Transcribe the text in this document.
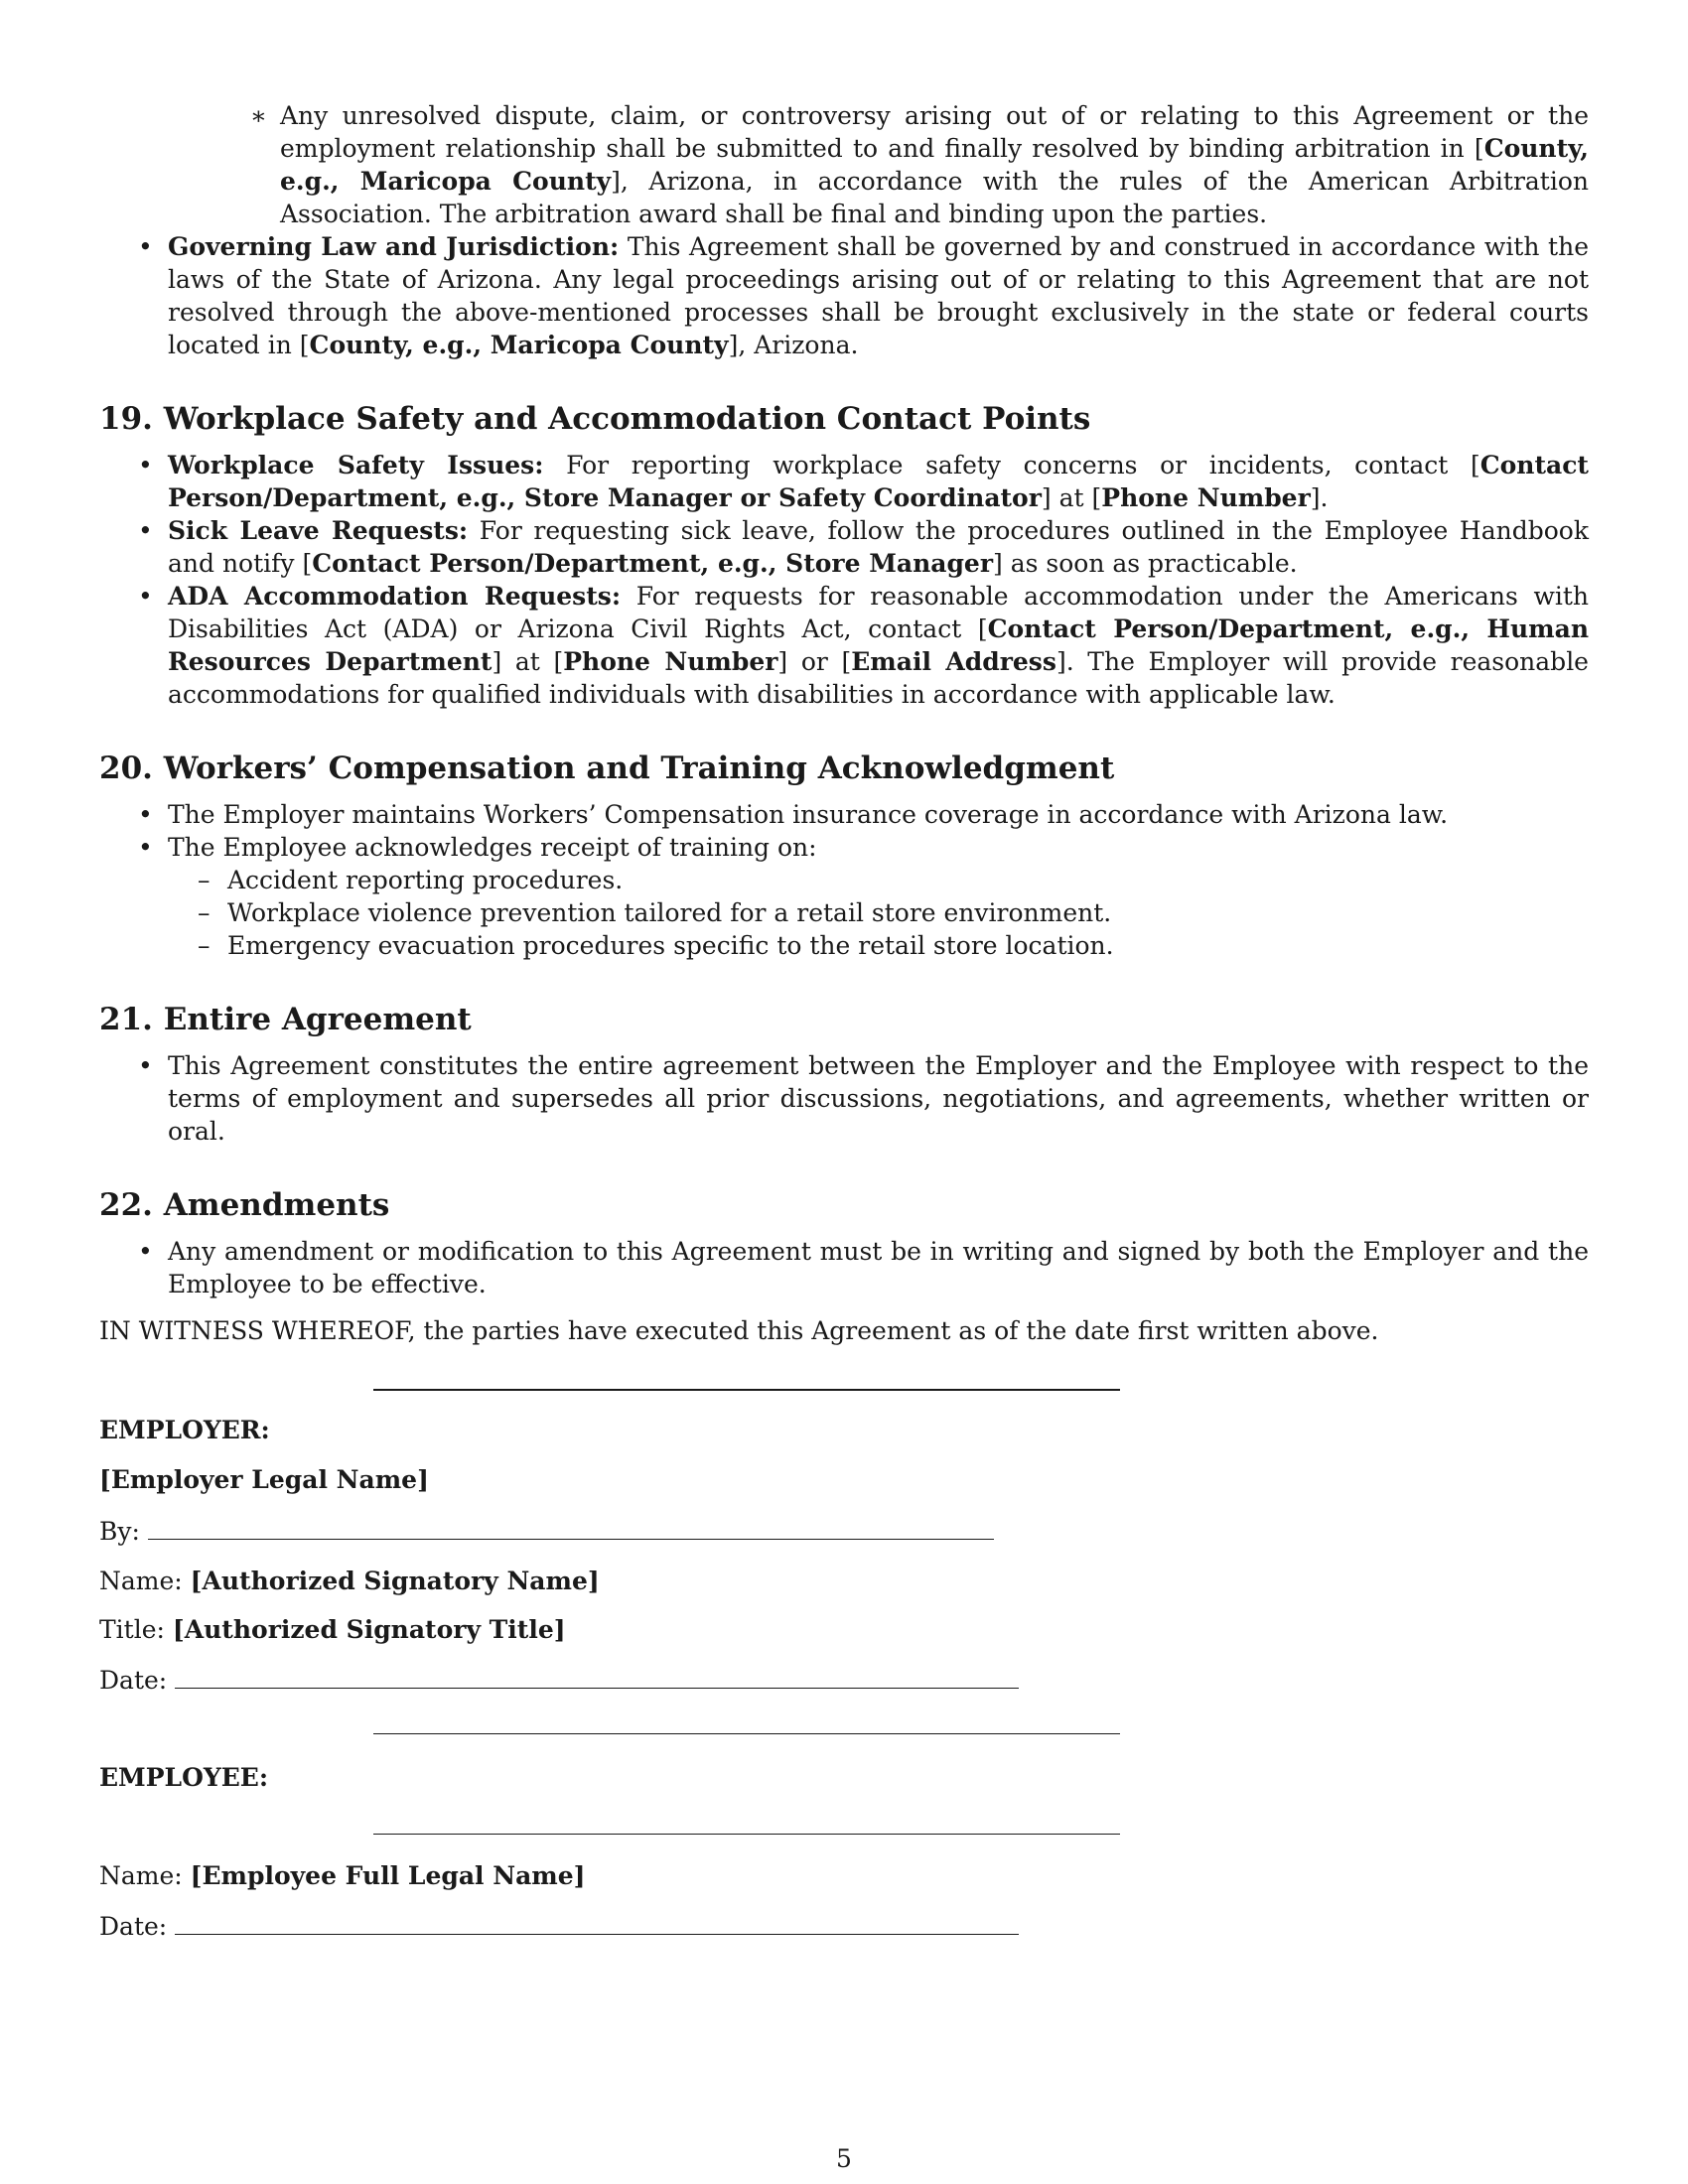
∗ Any unresolved dispute, claim, or controversy arising out of or relating to this Agreement or the employment relationship shall be submitted to and finally resolved by binding arbitration in [County, e.g., Maricopa County], Arizona, in accordance with the rules of the American Arbitration Association. The arbitration award shall be final and binding upon the parties.

• Governing Law and Jurisdiction: This Agreement shall be governed by and construed in accordance with the laws of the State of Arizona. Any legal proceedings arising out of or relating to this Agreement that are not resolved through the above-mentioned processes shall be brought exclusively in the state or federal courts located in [County, e.g., Maricopa County], Arizona.

19. Workplace Safety and Accommodation Contact Points

• Workplace Safety Issues: For reporting workplace safety concerns or incidents, contact [Contact Person/Department, e.g., Store Manager or Safety Coordinator] at [Phone Number].

• Sick Leave Requests: For requesting sick leave, follow the procedures outlined in the Employee Handbook and notify [Contact Person/Department, e.g., Store Manager] as soon as practicable.

• ADA Accommodation Requests: For requests for reasonable accommodation under the Americans with Disabilities Act (ADA) or Arizona Civil Rights Act, contact [Contact Person/Department, e.g., Human Resources Department] at [Phone Number] or [Email Address]. The Employer will provide reasonable accommodations for qualified individuals with disabilities in accordance with applicable law.

20. Workers’ Compensation and Training Acknowledgment

• The Employer maintains Workers’ Compensation insurance coverage in accordance with Arizona law.

• The Employee acknowledges receipt of training on:

– Accident reporting procedures.

– Workplace violence prevention tailored for a retail store environment.

– Emergency evacuation procedures specific to the retail store location.

21. Entire Agreement

• This Agreement constitutes the entire agreement between the Employer and the Employee with respect to the terms of employment and supersedes all prior discussions, negotiations, and agreements, whether written or oral.

22. Amendments

• Any amendment or modification to this Agreement must be in writing and signed by both the Employer and the Employee to be effective.

IN WITNESS WHEREOF, the parties have executed this Agreement as of the date first written above.

EMPLOYER:

[Employer Legal Name]

By:

Name: [Authorized Signatory Name]

Title: [Authorized Signatory Title]

Date:

EMPLOYEE:

Name: [Employee Full Legal Name]

Date:

5
